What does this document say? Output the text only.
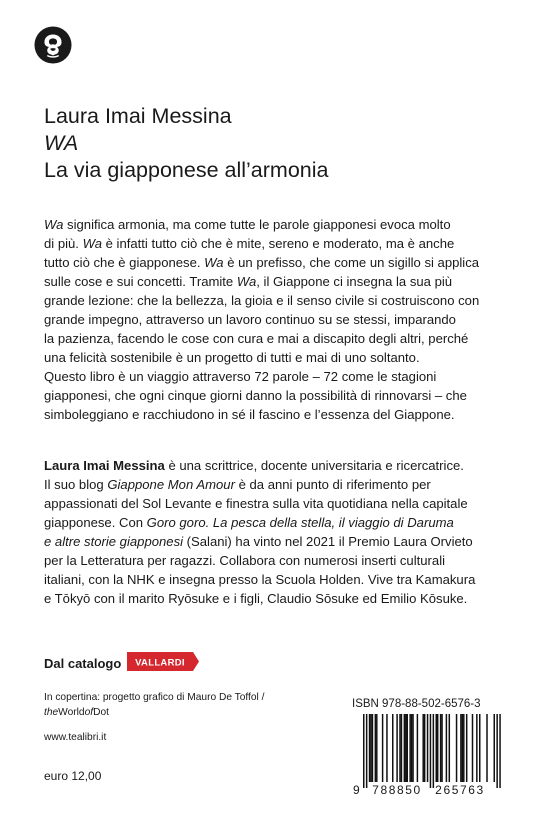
Laura Imai Messina
WA
La via giapponese all’armonia
Wa significa armonia, ma come tutte le parole giapponesi evoca molto
di più. Wa è infatti tutto ciò che è mite, sereno e moderato, ma è anche
tutto ciò che è giapponese. Wa è un prefisso, che come un sigillo si applica
sulle cose e sui concetti. Tramite Wa, il Giappone ci insegna la sua più
grande lezione: che la bellezza, la gioia e il senso civile si costruiscono con
grande impegno, attraverso un lavoro continuo su se stessi, imparando
la pazienza, facendo le cose con cura e mai a discapito degli altri, perché
una felicità sostenibile è un progetto di tutti e mai di uno soltanto.
Questo libro è un viaggio attraverso 72 parole – 72 come le stagioni
giapponesi, che ogni cinque giorni danno la possibilità di rinnovarsi – che
simboleggiano e racchiudono in sé il fascino e l’essenza del Giappone.
Laura Imai Messina è una scrittrice, docente universitaria e ricercatrice.
Il suo blog Giappone Mon Amour è da anni punto di riferimento per
appassionati del Sol Levante e finestra sulla vita quotidiana nella capitale
giapponese. Con Goro goro. La pesca della stella, il viaggio di Daruma
e altre storie giapponesi (Salani) ha vinto nel 2021 il Premio Laura Orvieto
per la Letteratura per ragazzi. Collabora con numerosi inserti culturali
italiani, con la NHK e insegna presso la Scuola Holden. Vive tra Kamakura
e Tōkyō con il marito Ryōsuke e i figli, Claudio Sōsuke ed Emilio Kōsuke.
Dal catalogo VALLARDI
In copertina: progetto grafico di Mauro De Toffol /
theWorldofDot
www.tealibri.it
euro 12,00
ISBN 978-88-502-6576-3
9 788850 265763
